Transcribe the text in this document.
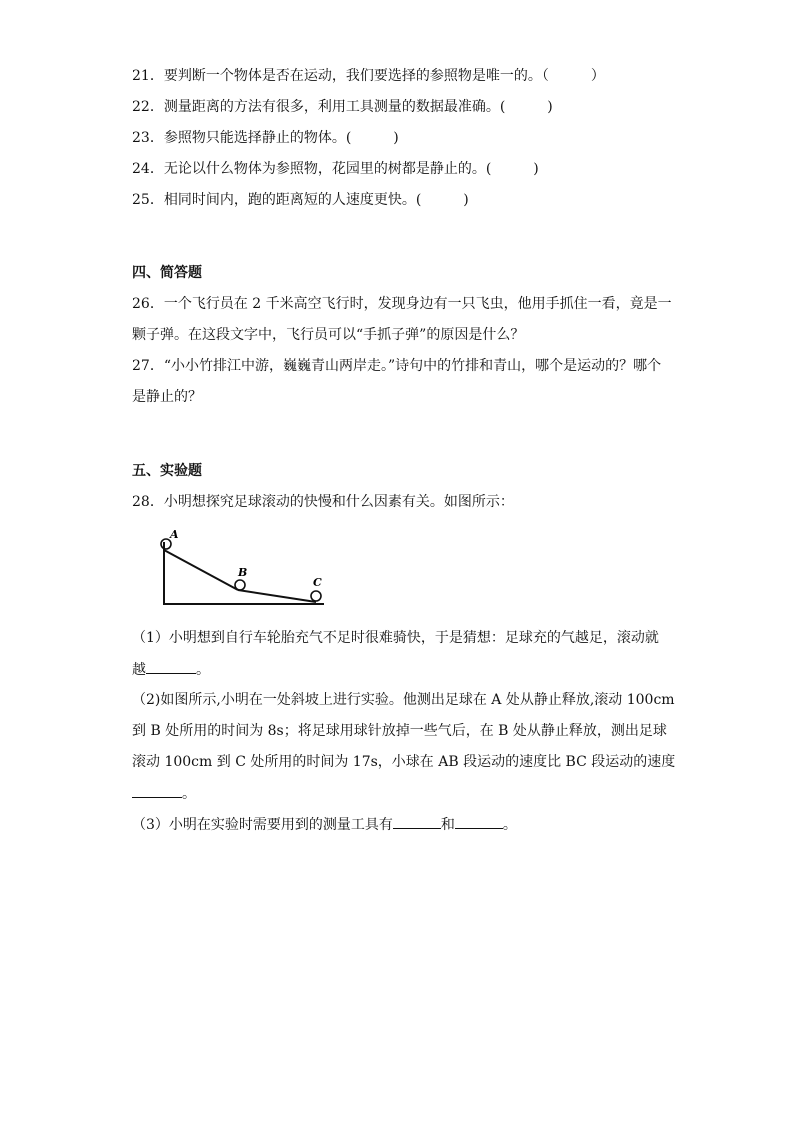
21．要判断一个物体是否在运动，我们要选择的参照物是唯一的。（　　　）
22．测量距离的方法有很多，利用工具测量的数据最准确。(　　　)
23．参照物只能选择静止的物体。(　　　)
24．无论以什么物体为参照物，花园里的树都是静止的。(　　　)
25．相同时间内，跑的距离短的人速度更快。(　　　)
四、简答题
26．一个飞行员在 2 千米高空飞行时，发现身边有一只飞虫，他用手抓住一看，竟是一
颗子弹。在这段文字中，飞行员可以“手抓子弹”的原因是什么？
27．“小小竹排江中游，巍巍青山两岸走。”诗句中的竹排和青山，哪个是运动的？哪个
是静止的？
五、实验题
28．小明想探究足球滚动的快慢和什么因素有关。如图所示：
A
B
C
（1）小明想到自行车轮胎充气不足时很难骑快，于是猜想：足球充的气越足，滚动就
越	。
（2)如图所示,小明在一处斜坡上进行实验。他测出足球在 A 处从静止释放,滚动 100cm
到 B 处所用的时间为 8s；将足球用球针放掉一些气后，在 B 处从静止释放，测出足球
滚动 100cm 到 C 处所用的时间为 17s，小球在 AB 段运动的速度比 BC 段运动的速度
。
（3）小明在实验时需要用到的测量工具有	和	。
